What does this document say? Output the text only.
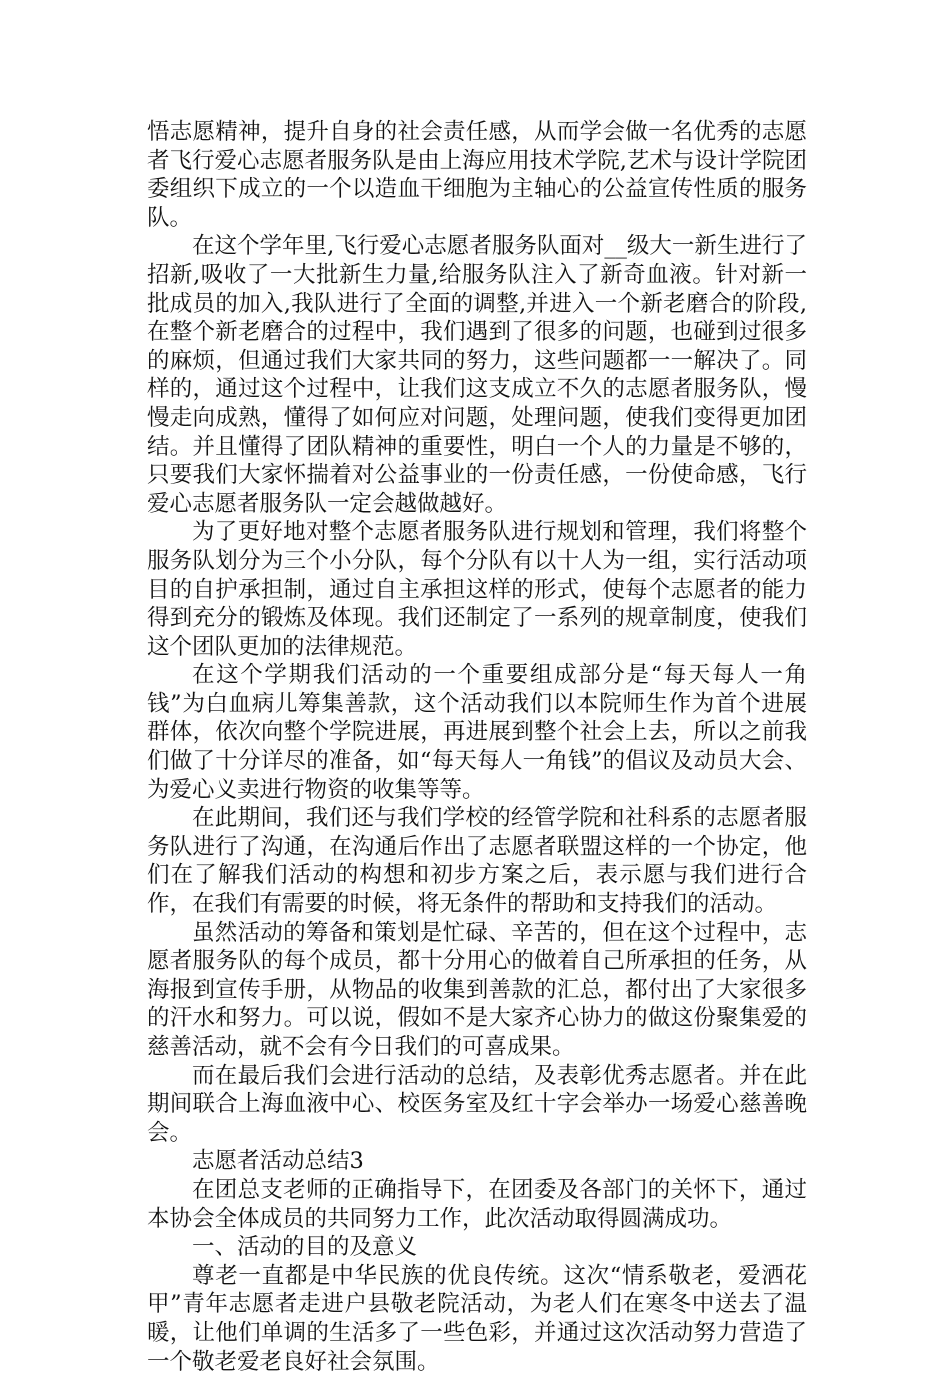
悟志愿精神，提升自身的社会责任感，从而学会做一名优秀的志愿者飞行爱心志愿者服务队是由上海应用技术学院,艺术与设计学院团委组织下成立的一个以造血干细胞为主轴心的公益宣传性质的服务队。

在这个学年里,飞行爱心志愿者服务队面对__级大一新生进行了招新,吸收了一大批新生力量,给服务队注入了新奇血液。针对新一批成员的加入,我队进行了全面的调整,并进入一个新老磨合的阶段,在整个新老磨合的过程中，我们遇到了很多的问题，也碰到过很多的麻烦，但通过我们大家共同的努力，这些问题都一一解决了。同样的，通过这个过程中，让我们这支成立不久的志愿者服务队，慢慢走向成熟，懂得了如何应对问题，处理问题，使我们变得更加团结。并且懂得了团队精神的重要性，明白一个人的力量是不够的，只要我们大家怀揣着对公益事业的一份责任感，一份使命感，飞行爱心志愿者服务队一定会越做越好。

为了更好地对整个志愿者服务队进行规划和管理，我们将整个服务队划分为三个小分队，每个分队有以十人为一组，实行活动项目的自护承担制，通过自主承担这样的形式，使每个志愿者的能力得到充分的锻炼及体现。我们还制定了一系列的规章制度，使我们这个团队更加的法律规范。

在这个学期我们活动的一个重要组成部分是“每天每人一角钱”为白血病儿筹集善款，这个活动我们以本院师生作为首个进展群体，依次向整个学院进展，再进展到整个社会上去，所以之前我们做了十分详尽的准备，如“每天每人一角钱”的倡议及动员大会、为爱心义卖进行物资的收集等等。

在此期间，我们还与我们学校的经管学院和社科系的志愿者服务队进行了沟通，在沟通后作出了志愿者联盟这样的一个协定，他们在了解我们活动的构想和初步方案之后，表示愿与我们进行合作，在我们有需要的时候，将无条件的帮助和支持我们的活动。

虽然活动的筹备和策划是忙碌、辛苦的，但在这个过程中，志愿者服务队的每个成员，都十分用心的做着自己所承担的任务，从海报到宣传手册，从物品的收集到善款的汇总，都付出了大家很多的汗水和努力。可以说，假如不是大家齐心协力的做这份聚集爱的慈善活动，就不会有今日我们的可喜成果。

而在最后我们会进行活动的总结，及表彰优秀志愿者。并在此期间联合上海血液中心、校医务室及红十字会举办一场爱心慈善晚会。

志愿者活动总结3

在团总支老师的正确指导下，在团委及各部门的关怀下，通过本协会全体成员的共同努力工作，此次活动取得圆满成功。

一、活动的目的及意义

尊老一直都是中华民族的优良传统。这次“情系敬老，爱洒花甲”青年志愿者走进户县敬老院活动，为老人们在寒冬中送去了温暖，让他们单调的生活多了一些色彩，并通过这次活动努力营造了一个敬老爱老良好社会氛围。
